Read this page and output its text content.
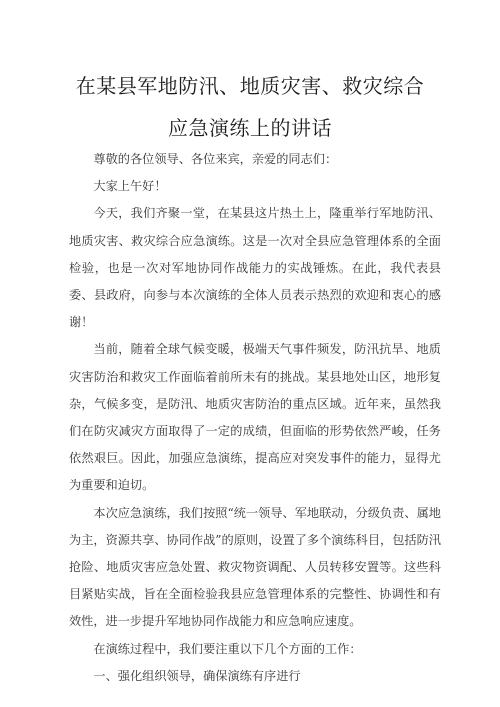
在某县军地防汛、地质灾害、救灾综合
应急演练上的讲话

尊敬的各位领导、各位来宾，亲爱的同志们：

大家上午好！

今天，我们齐聚一堂，在某县这片热土上，隆重举行军地防汛、地质灾害、救灾综合应急演练。这是一次对全县应急管理体系的全面检验，也是一次对军地协同作战能力的实战锤炼。在此，我代表县委、县政府，向参与本次演练的全体人员表示热烈的欢迎和衷心的感谢！

当前，随着全球气候变暖，极端天气事件频发，防汛抗旱、地质灾害防治和救灾工作面临着前所未有的挑战。某县地处山区，地形复杂，气候多变，是防汛、地质灾害防治的重点区域。近年来，虽然我们在防灾减灾方面取得了一定的成绩，但面临的形势依然严峻，任务依然艰巨。因此，加强应急演练，提高应对突发事件的能力，显得尤为重要和迫切。

本次应急演练，我们按照“统一领导、军地联动，分级负责、属地为主，资源共享、协同作战”的原则，设置了多个演练科目，包括防汛抢险、地质灾害应急处置、救灾物资调配、人员转移安置等。这些科目紧贴实战，旨在全面检验我县应急管理体系的完整性、协调性和有效性，进一步提升军地协同作战能力和应急响应速度。

在演练过程中，我们要注重以下几个方面的工作：

一、强化组织领导，确保演练有序进行
